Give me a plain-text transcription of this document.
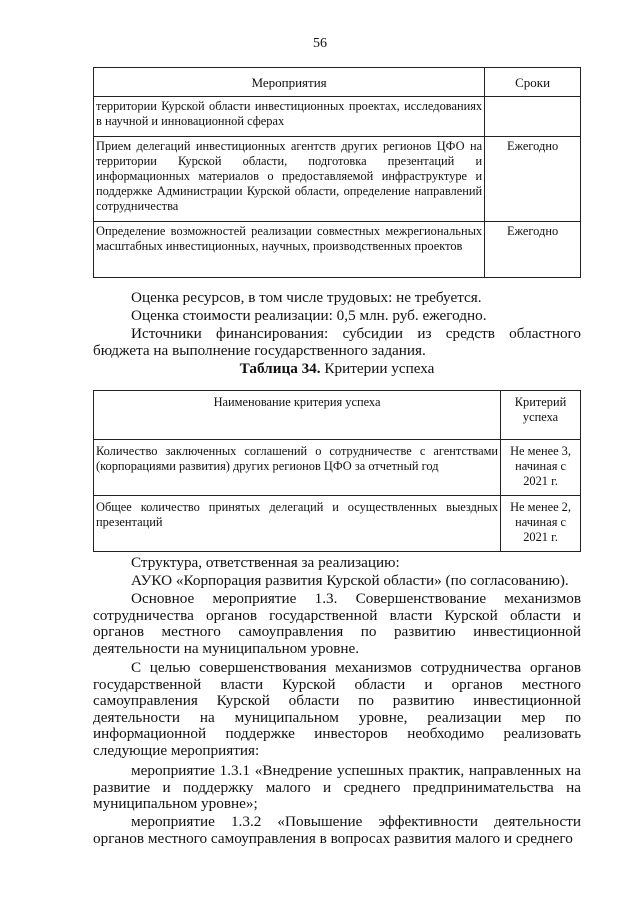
56
Мероприятия	Сроки
территории Курской области инвестиционных проектах, исследованиях в научной и инновационной сферах	
Прием делегаций инвестиционных агентств других регионов ЦФО на территории Курской области, подготовка презентаций и информационных материалов о предоставляемой инфраструктуре и поддержке Администрации Курской области, определение направлений сотрудничества	Ежегодно
Определение возможностей реализации совместных межрегиональных масштабных инвестиционных, научных, производственных проектов	Ежегодно
Оценка ресурсов, в том числе трудовых: не требуется.
Оценка стоимости реализации: 0,5 млн. руб. ежегодно.
Источники финансирования: субсидии из средств областного бюджета на выполнение государственного задания.
Таблица 34. Критерии успеха
Наименование критерия успеха	Критерий успеха
Количество заключенных соглашений о сотрудничестве с агентствами (корпорациями развития) других регионов ЦФО за отчетный год	Не менее 3, начиная с 2021 г.
Общее количество принятых делегаций и осуществленных выездных презентаций	Не менее 2, начиная с 2021 г.
Структура, ответственная за реализацию:
АУКО «Корпорация развития Курской области» (по согласованию).
Основное мероприятие 1.3. Совершенствование механизмов сотрудничества органов государственной власти Курской области и органов местного самоуправления по развитию инвестиционной деятельности на муниципальном уровне.
С целью совершенствования механизмов сотрудничества органов государственной власти Курской области и органов местного самоуправления Курской области по развитию инвестиционной деятельности на муниципальном уровне, реализации мер по информационной поддержке инвесторов необходимо реализовать следующие мероприятия:
мероприятие 1.3.1 «Внедрение успешных практик, направленных на развитие и поддержку малого и среднего предпринимательства на муниципальном уровне»;
мероприятие 1.3.2 «Повышение эффективности деятельности органов местного самоуправления в вопросах развития малого и среднего
